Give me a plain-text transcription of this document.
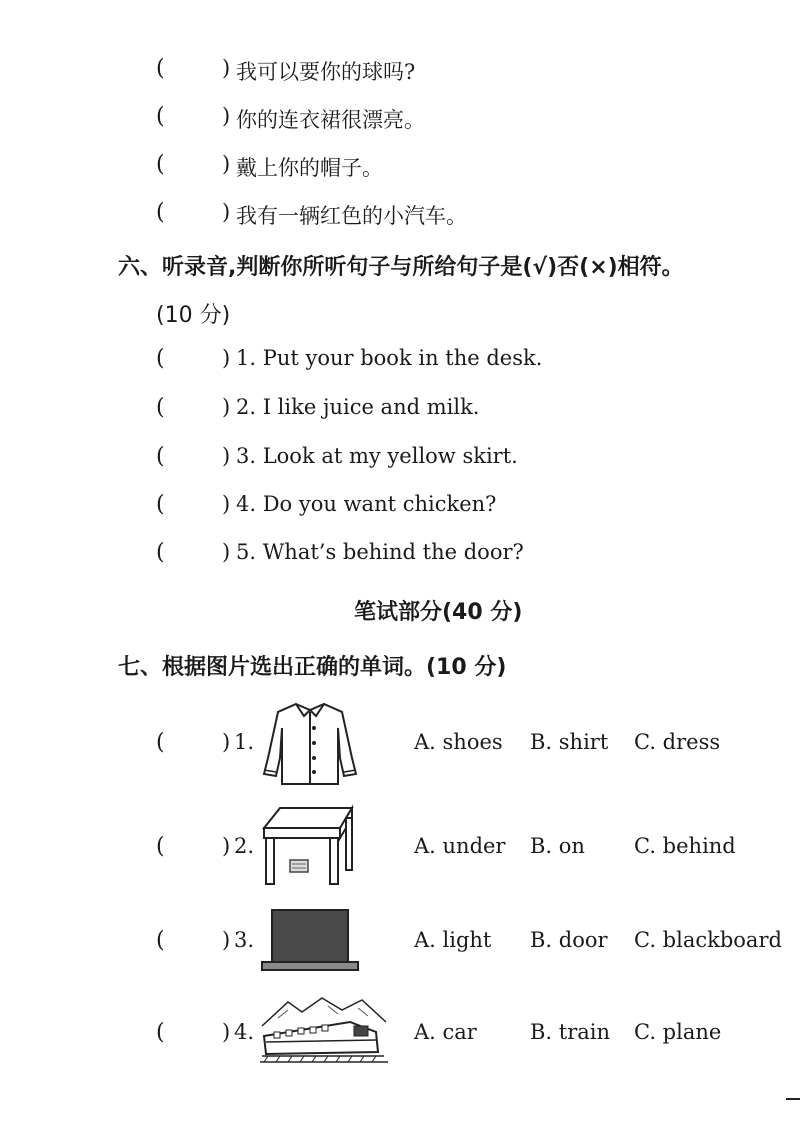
(	) 我可以要你的球吗?
(	) 你的连衣裙很漂亮。
(	) 戴上你的帽子。
(	) 我有一辆红色的小汽车。
六、听录音,判断你所听句子与所给句子是(√)否(×)相符。
(10 分)
(	) 1. Put your book in the desk.
(	) 2. I like juice and milk.
(	) 3. Look at my yellow skirt.
(	) 4. Do you want chicken?
(	) 5. What’s behind the door?
笔试部分(40 分)
七、根据图片选出正确的单词。(10 分)
(	) 1.	A. shoes B. shirt C. dress
(	) 2.	A. under B. on C. behind
(	) 3.	A. light B. door C. blackboard
(	) 4.	A. car	B. train C. plane
